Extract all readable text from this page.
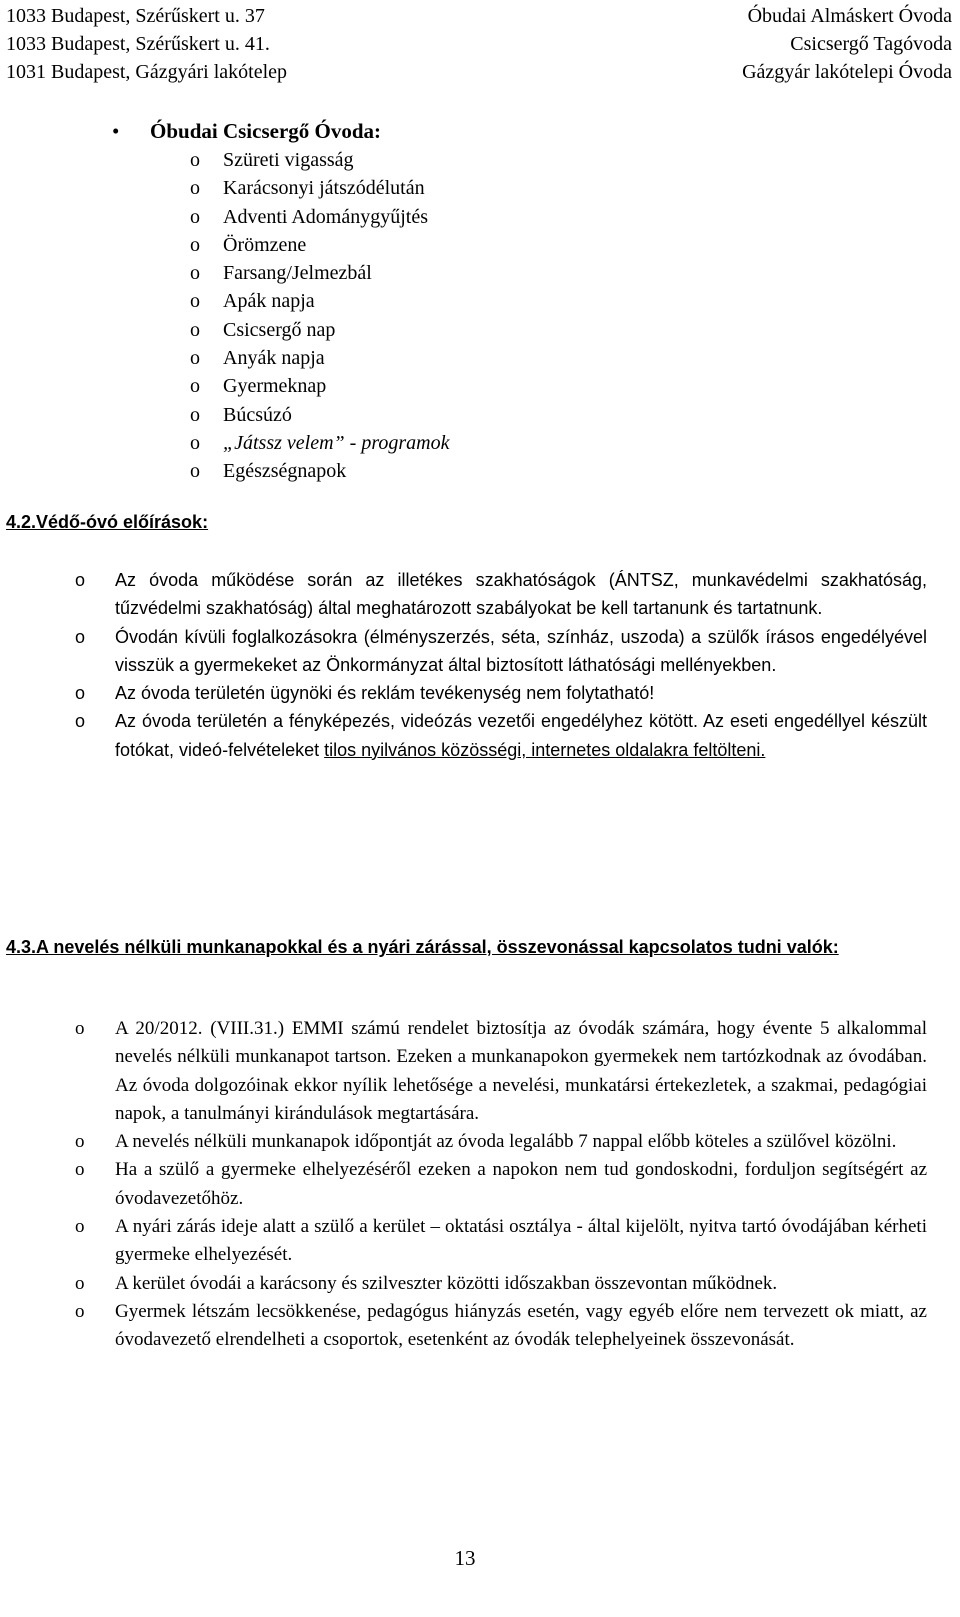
1033 Budapest, Szérűskert u. 37	Óbudai Almáskert Óvoda
1033 Budapest, Szérűskert u. 41.	Csicsergő Tagóvoda
1031 Budapest, Gázgyári lakótelep	Gázgyár lakótelepi Óvoda
• Óbudai Csicsergő Óvoda:
o Szüreti vigasság
o Karácsonyi játszódélután
o Adventi Adománygyűjtés
o Örömzene
o Farsang/Jelmezbál
o Apák napja
o Csicsergő nap
o Anyák napja
o Gyermeknap
o Búcsúzó
o „Játssz velem” - programok
o Egészségnapok
4.2.Védő-óvó előírások:
o Az óvoda működése során az illetékes szakhatóságok (ÁNTSZ, munkavédelmi szakhatóság, tűzvédelmi szakhatóság) által meghatározott szabályokat be kell tartanunk és tartatnunk.
o Óvodán kívüli foglalkozásokra (élményszerzés, séta, színház, uszoda) a szülők írásos engedélyével visszük a gyermekeket az Önkormányzat által biztosított láthatósági mellényekben.
o Az óvoda területén ügynöki és reklám tevékenység nem folytatható!
o Az óvoda területén a fényképezés, videózás vezetői engedélyhez kötött. Az eseti engedéllyel készült fotókat, videó-felvételeket tilos nyilvános közösségi, internetes oldalakra feltölteni.
4.3.A nevelés nélküli munkanapokkal és a nyári zárással, összevonással kapcsolatos tudni valók:
o A 20/2012. (VIII.31.) EMMI számú rendelet biztosítja az óvodák számára, hogy évente 5 alkalommal nevelés nélküli munkanapot tartson. Ezeken a munkanapokon gyermekek nem tartózkodnak az óvodában. Az óvoda dolgozóinak ekkor nyílik lehetősége a nevelési, munkatársi értekezletek, a szakmai, pedagógiai napok, a tanulmányi kirándulások megtartására.
o A nevelés nélküli munkanapok időpontját az óvoda legalább 7 nappal előbb köteles a szülővel közölni.
o Ha a szülő a gyermeke elhelyezéséről ezeken a napokon nem tud gondoskodni, forduljon segítségért az óvodavezetőhöz.
o A nyári zárás ideje alatt a szülő a kerület – oktatási osztálya - által kijelölt, nyitva tartó óvodájában kérheti gyermeke elhelyezését.
o A kerület óvodái a karácsony és szilveszter közötti időszakban összevontan működnek.
o Gyermek létszám lecsökkenése, pedagógus hiányzás esetén, vagy egyéb előre nem tervezett ok miatt, az óvodavezető elrendelheti a csoportok, esetenként az óvodák telephelyeinek összevonását.
13
